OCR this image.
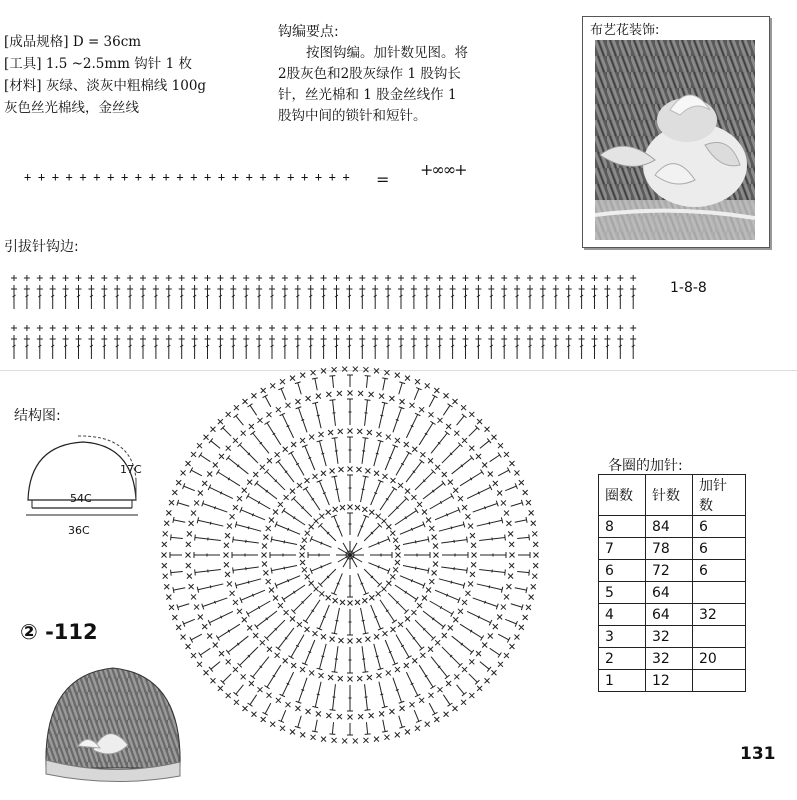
[成品规格] D = 36cm
[工具] 1.5 ~2.5mm 钩针 1 枚
[材料] 灰绿、淡灰中粗棉线 100g
灰色丝光棉线，金丝线
钩编要点:
按图钩编。加针数见图。将
2股灰色和2股灰绿作 1 股钩长
针，丝光棉和 1 股金丝线作 1
股钩中间的锁针和短针。
布艺花装饰:
+ + + + + + + + + + + + + + + + + + + + + + + + =
+∞∞+
引拔针钩边:
1-8-8
结构图:
54C
36C
17C
② -112
各圈的加针:
圈数	针数	加针数
8	84	6
7	78	6
6	72	6
5	64	
4	64	32
3	32	
2	32	20
1	12	
131
